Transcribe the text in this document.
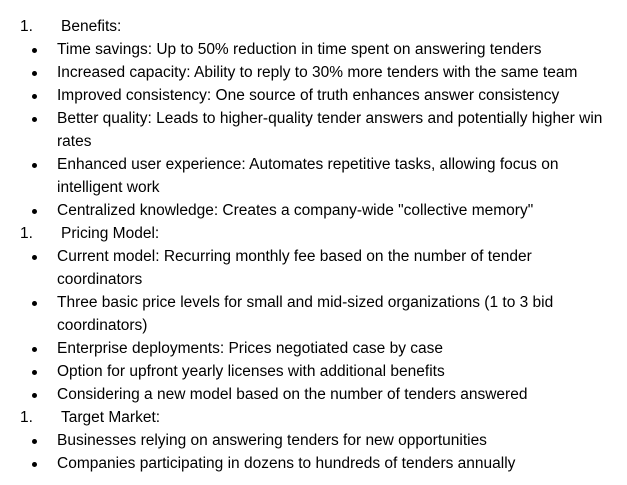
1. Benefits:
Time savings: Up to 50% reduction in time spent on answering tenders
Increased capacity: Ability to reply to 30% more tenders with the same team
Improved consistency: One source of truth enhances answer consistency
Better quality: Leads to higher-quality tender answers and potentially higher win rates
Enhanced user experience: Automates repetitive tasks, allowing focus on intelligent work
Centralized knowledge: Creates a company-wide "collective memory"
1. Pricing Model:
Current model: Recurring monthly fee based on the number of tender coordinators
Three basic price levels for small and mid-sized organizations (1 to 3 bid coordinators)
Enterprise deployments: Prices negotiated case by case
Option for upfront yearly licenses with additional benefits
Considering a new model based on the number of tenders answered
1. Target Market:
Businesses relying on answering tenders for new opportunities
Companies participating in dozens to hundreds of tenders annually
